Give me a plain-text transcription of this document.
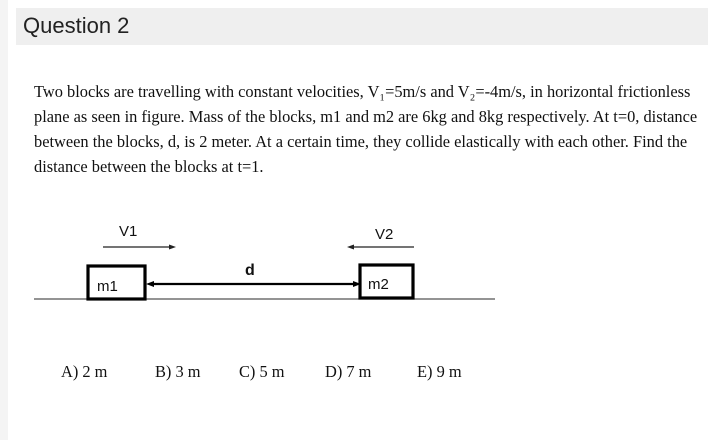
Question 2

Two blocks are travelling with constant velocities, V₁=5m/s and V₂=-4m/s, in horizontal frictionless plane as seen in figure. Mass of the blocks, m1 and m2 are 6kg and 8kg respectively. At t=0, distance between the blocks, d, is 2 meter. At a certain time, they collide elastically with each other. Find the distance between the blocks at t=1.

V1	V2
d
m1	m2
A) 2 m	B) 3 m C) 5 m D) 7 m	E) 9 m
